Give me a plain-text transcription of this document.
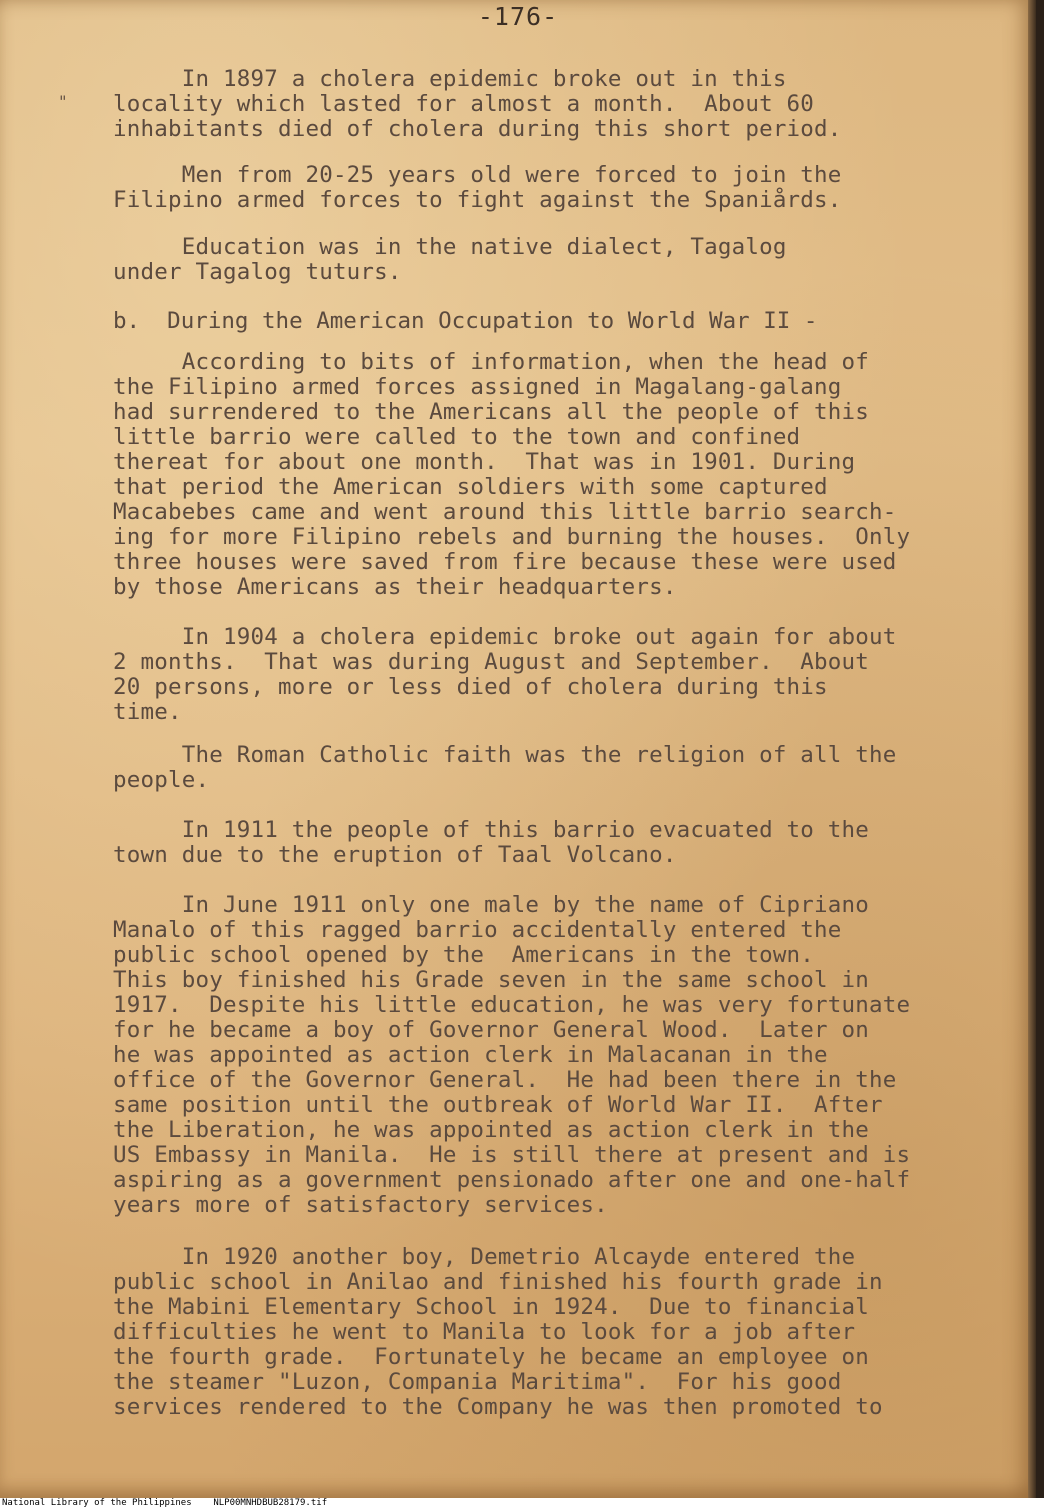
-176-
"

In 1897 a cholera epidemic broke out in this
locality which lasted for almost a month.  About 60
inhabitants died of cholera during this short period.

Men from 20-25 years old were forced to join the
Filipino armed forces to fight against the Spaniårds.

Education was in the native dialect, Tagalog
under Tagalog tuturs.

b.  During the American Occupation to World War II -

According to bits of information, when the head of
the Filipino armed forces assigned in Magalang-galang
had surrendered to the Americans all the people of this
little barrio were called to the town and confined
thereat for about one month.  That was in 1901. During
that period the American soldiers with some captured
Macabebes came and went around this little barrio search-
ing for more Filipino rebels and burning the houses.  Only
three houses were saved from fire because these were used
by those Americans as their headquarters.

In 1904 a cholera epidemic broke out again for about
2 months.  That was during August and September.  About
20 persons, more or less died of cholera during this
time.

The Roman Catholic faith was the religion of all the
people.

In 1911 the people of this barrio evacuated to the
town due to the eruption of Taal Volcano.

In June 1911 only one male by the name of Cipriano
Manalo of this ragged barrio accidentally entered the
public school opened by the  Americans in the town.
This boy finished his Grade seven in the same school in
1917.  Despite his little education, he was very fortunate
for he became a boy of Governor General Wood.  Later on
he was appointed as action clerk in Malacanan in the
office of the Governor General.  He had been there in the
same position until the outbreak of World War II.  After
the Liberation, he was appointed as action clerk in the
US Embassy in Manila.  He is still there at present and is
aspiring as a government pensionado after one and one-half
years more of satisfactory services.

In 1920 another boy, Demetrio Alcayde entered the
public school in Anilao and finished his fourth grade in
the Mabini Elementary School in 1924.  Due to financial
difficulties he went to Manila to look for a job after
the fourth grade.  Fortunately he became an employee on
the steamer "Luzon, Compania Maritima".  For his good
services rendered to the Company he was then promoted to

National Library of the Philippines    NLP00MNHDBUB28179.tif
